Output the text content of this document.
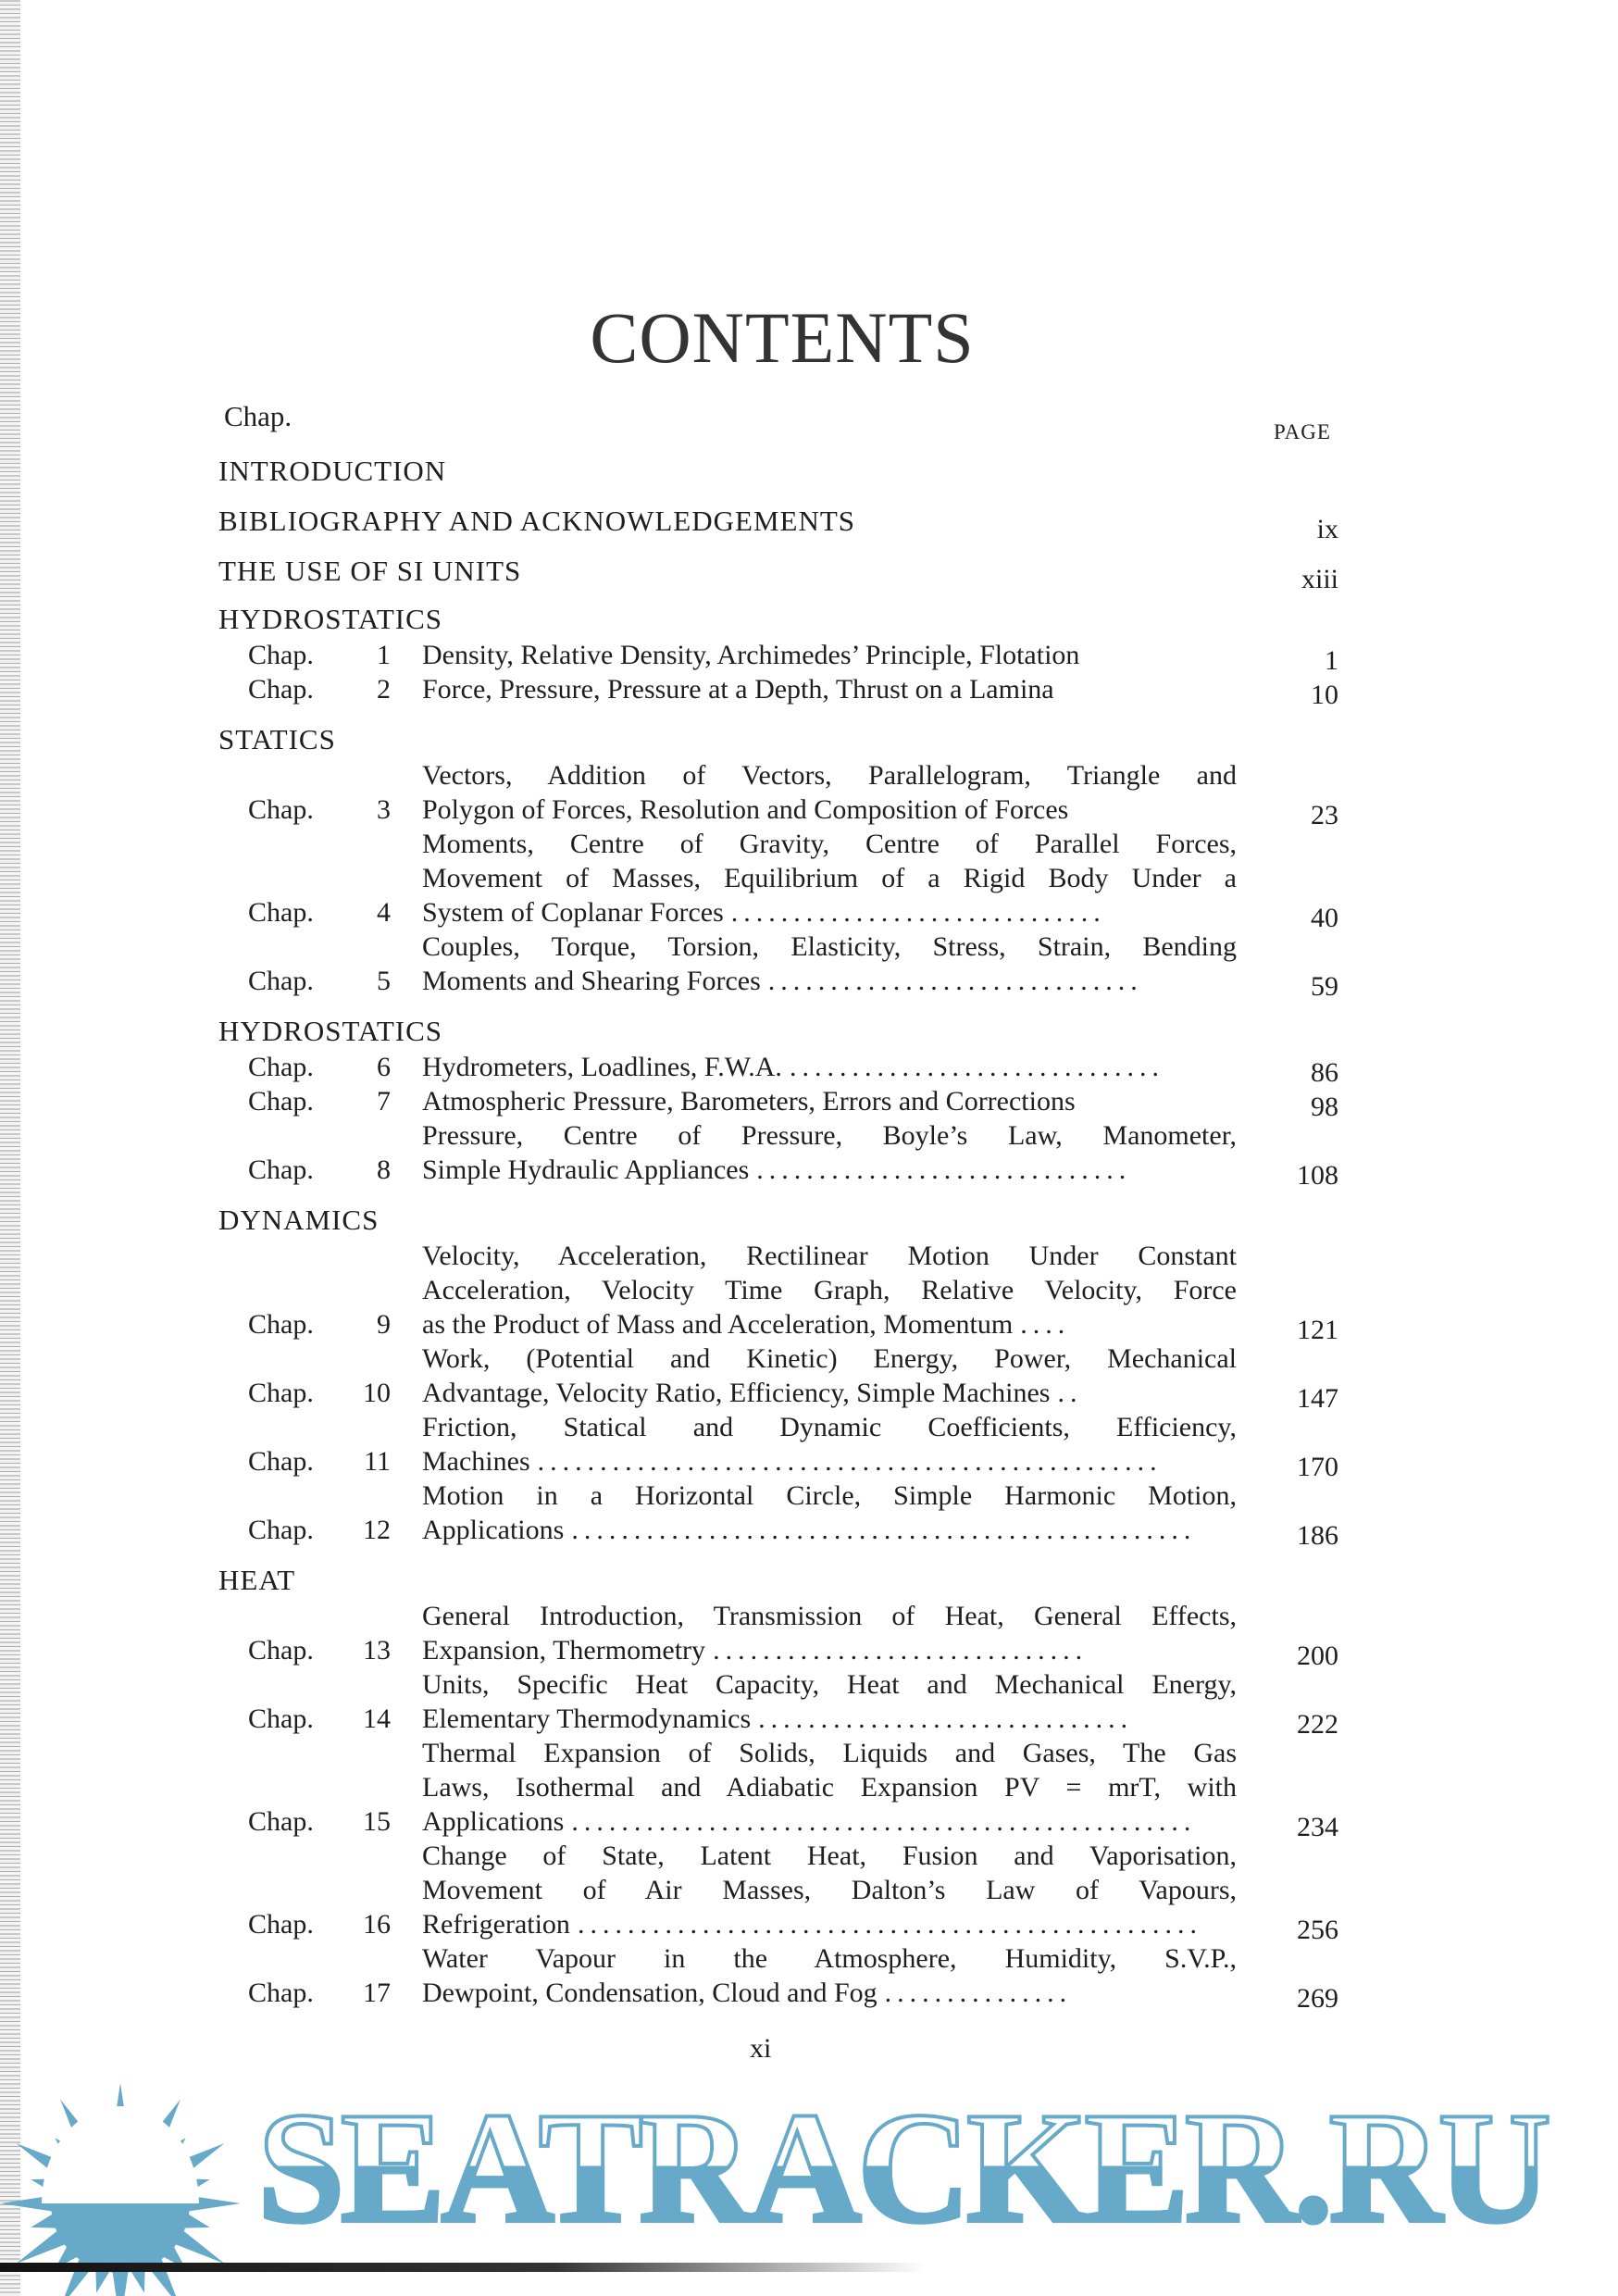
CONTENTS
Chap.	PAGE
INTRODUCTION
BIBLIOGRAPHY AND ACKNOWLEDGEMENTS	ix
THE USE OF SI UNITS	xiii
HYDROSTATICS
Chap.	1 Density, Relative Density, Archimedes’ Principle, Flotation	1
Chap.	2 Force, Pressure, Pressure at a Depth, Thrust on a Lamina	10
STATICS
Chap.	3
Vectors, Addition of Vectors, Parallelogram, Triangle and
Polygon of Forces, Resolution and Composition of Forces	23
Chap.	4
Moments, Centre of Gravity, Centre of Parallel Forces,
Movement of Masses, Equilibrium of a Rigid Body Under a
System of Coplanar Forces ..............................	40
Chap.	5
Couples, Torque, Torsion, Elasticity, Stress, Strain, Bending
Moments and Shearing Forces ..............................	59
HYDROSTATICS
Chap.	6 Hydrometers, Loadlines, F.W.A. ..............................	86
Chap.	7 Atmospheric Pressure, Barometers, Errors and Corrections	98
Chap.	8
Pressure, Centre of Pressure, Boyle’s Law, Manometer,
Simple Hydraulic Appliances ..............................	108
DYNAMICS
Chap.	9
Velocity, Acceleration, Rectilinear Motion Under Constant
Acceleration, Velocity Time Graph, Relative Velocity, Force
as the Product of Mass and Acceleration, Momentum ....	121
Chap.	10
Work, (Potential and Kinetic) Energy, Power, Mechanical
Advantage, Velocity Ratio, Efficiency, Simple Machines ..	147
Chap.	11
Friction, Statical and Dynamic Coefficients, Efficiency,
Machines ..................................................	170
Chap.	12
Motion in a Horizontal Circle, Simple Harmonic Motion,
Applications ..................................................	186
HEAT
Chap.	13
General Introduction, Transmission of Heat, General Effects,
Expansion, Thermometry ..............................	200
Chap.	14
Units, Specific Heat Capacity, Heat and Mechanical Energy,
Elementary Thermodynamics ..............................	222
Chap.	15
Thermal Expansion of Solids, Liquids and Gases, The Gas
Laws, Isothermal and Adiabatic Expansion PV = mrT, with
Applications ..................................................	234
Chap.	16
Change of State, Latent Heat, Fusion and Vaporisation,
Movement of Air Masses, Dalton’s Law of Vapours,
Refrigeration ..................................................	256
Chap.	17
Water Vapour in the Atmosphere, Humidity, S.V.P.,
Dewpoint, Condensation, Cloud and Fog ...............	269
xi
SEATRACKER.RU
